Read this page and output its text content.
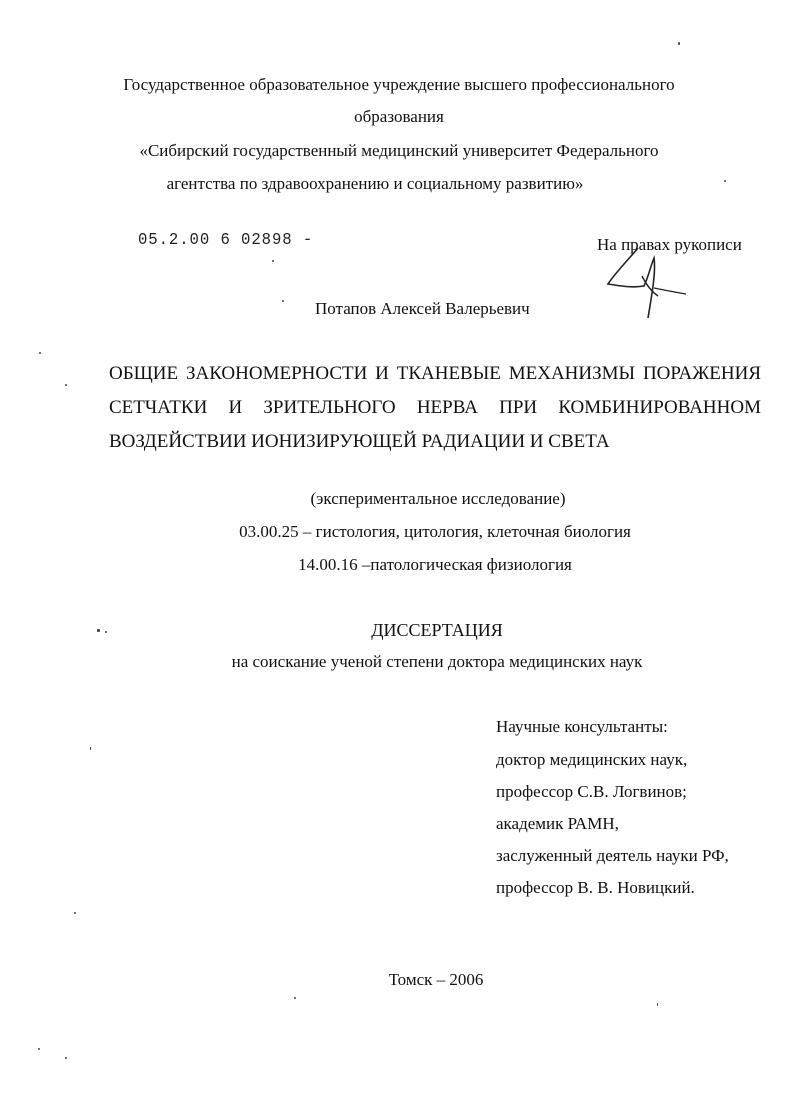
Государственное образовательное учреждение высшего профессионального
образования
«Сибирский государственный медицинский университет Федерального
агентства по здравоохранению и социальному развитию»
05.2.00 6 02898 -	На правах рукописи
Потапов Алексей Валерьевич
ОБЩИЕ ЗАКОНОМЕРНОСТИ И ТКАНЕВЫЕ МЕХАНИЗМЫ ПОРАЖЕНИЯ
СЕТЧАТКИ И ЗРИТЕЛЬНОГО НЕРВА ПРИ КОМБИНИРОВАННОМ
ВОЗДЕЙСТВИИ ИОНИЗИРУЮЩЕЙ РАДИАЦИИ И СВЕТА
(экспериментальное исследование)
03.00.25 – гистология, цитология, клеточная биология
14.00.16 –патологическая физиология
ДИССЕРТАЦИЯ
на соискание ученой степени доктора медицинских наук
Научные консультанты:
доктор медицинских наук,
профессор С.В. Логвинов;
академик РАМН,
заслуженный деятель науки РФ,
профессор В. В. Новицкий.
Томск – 2006
